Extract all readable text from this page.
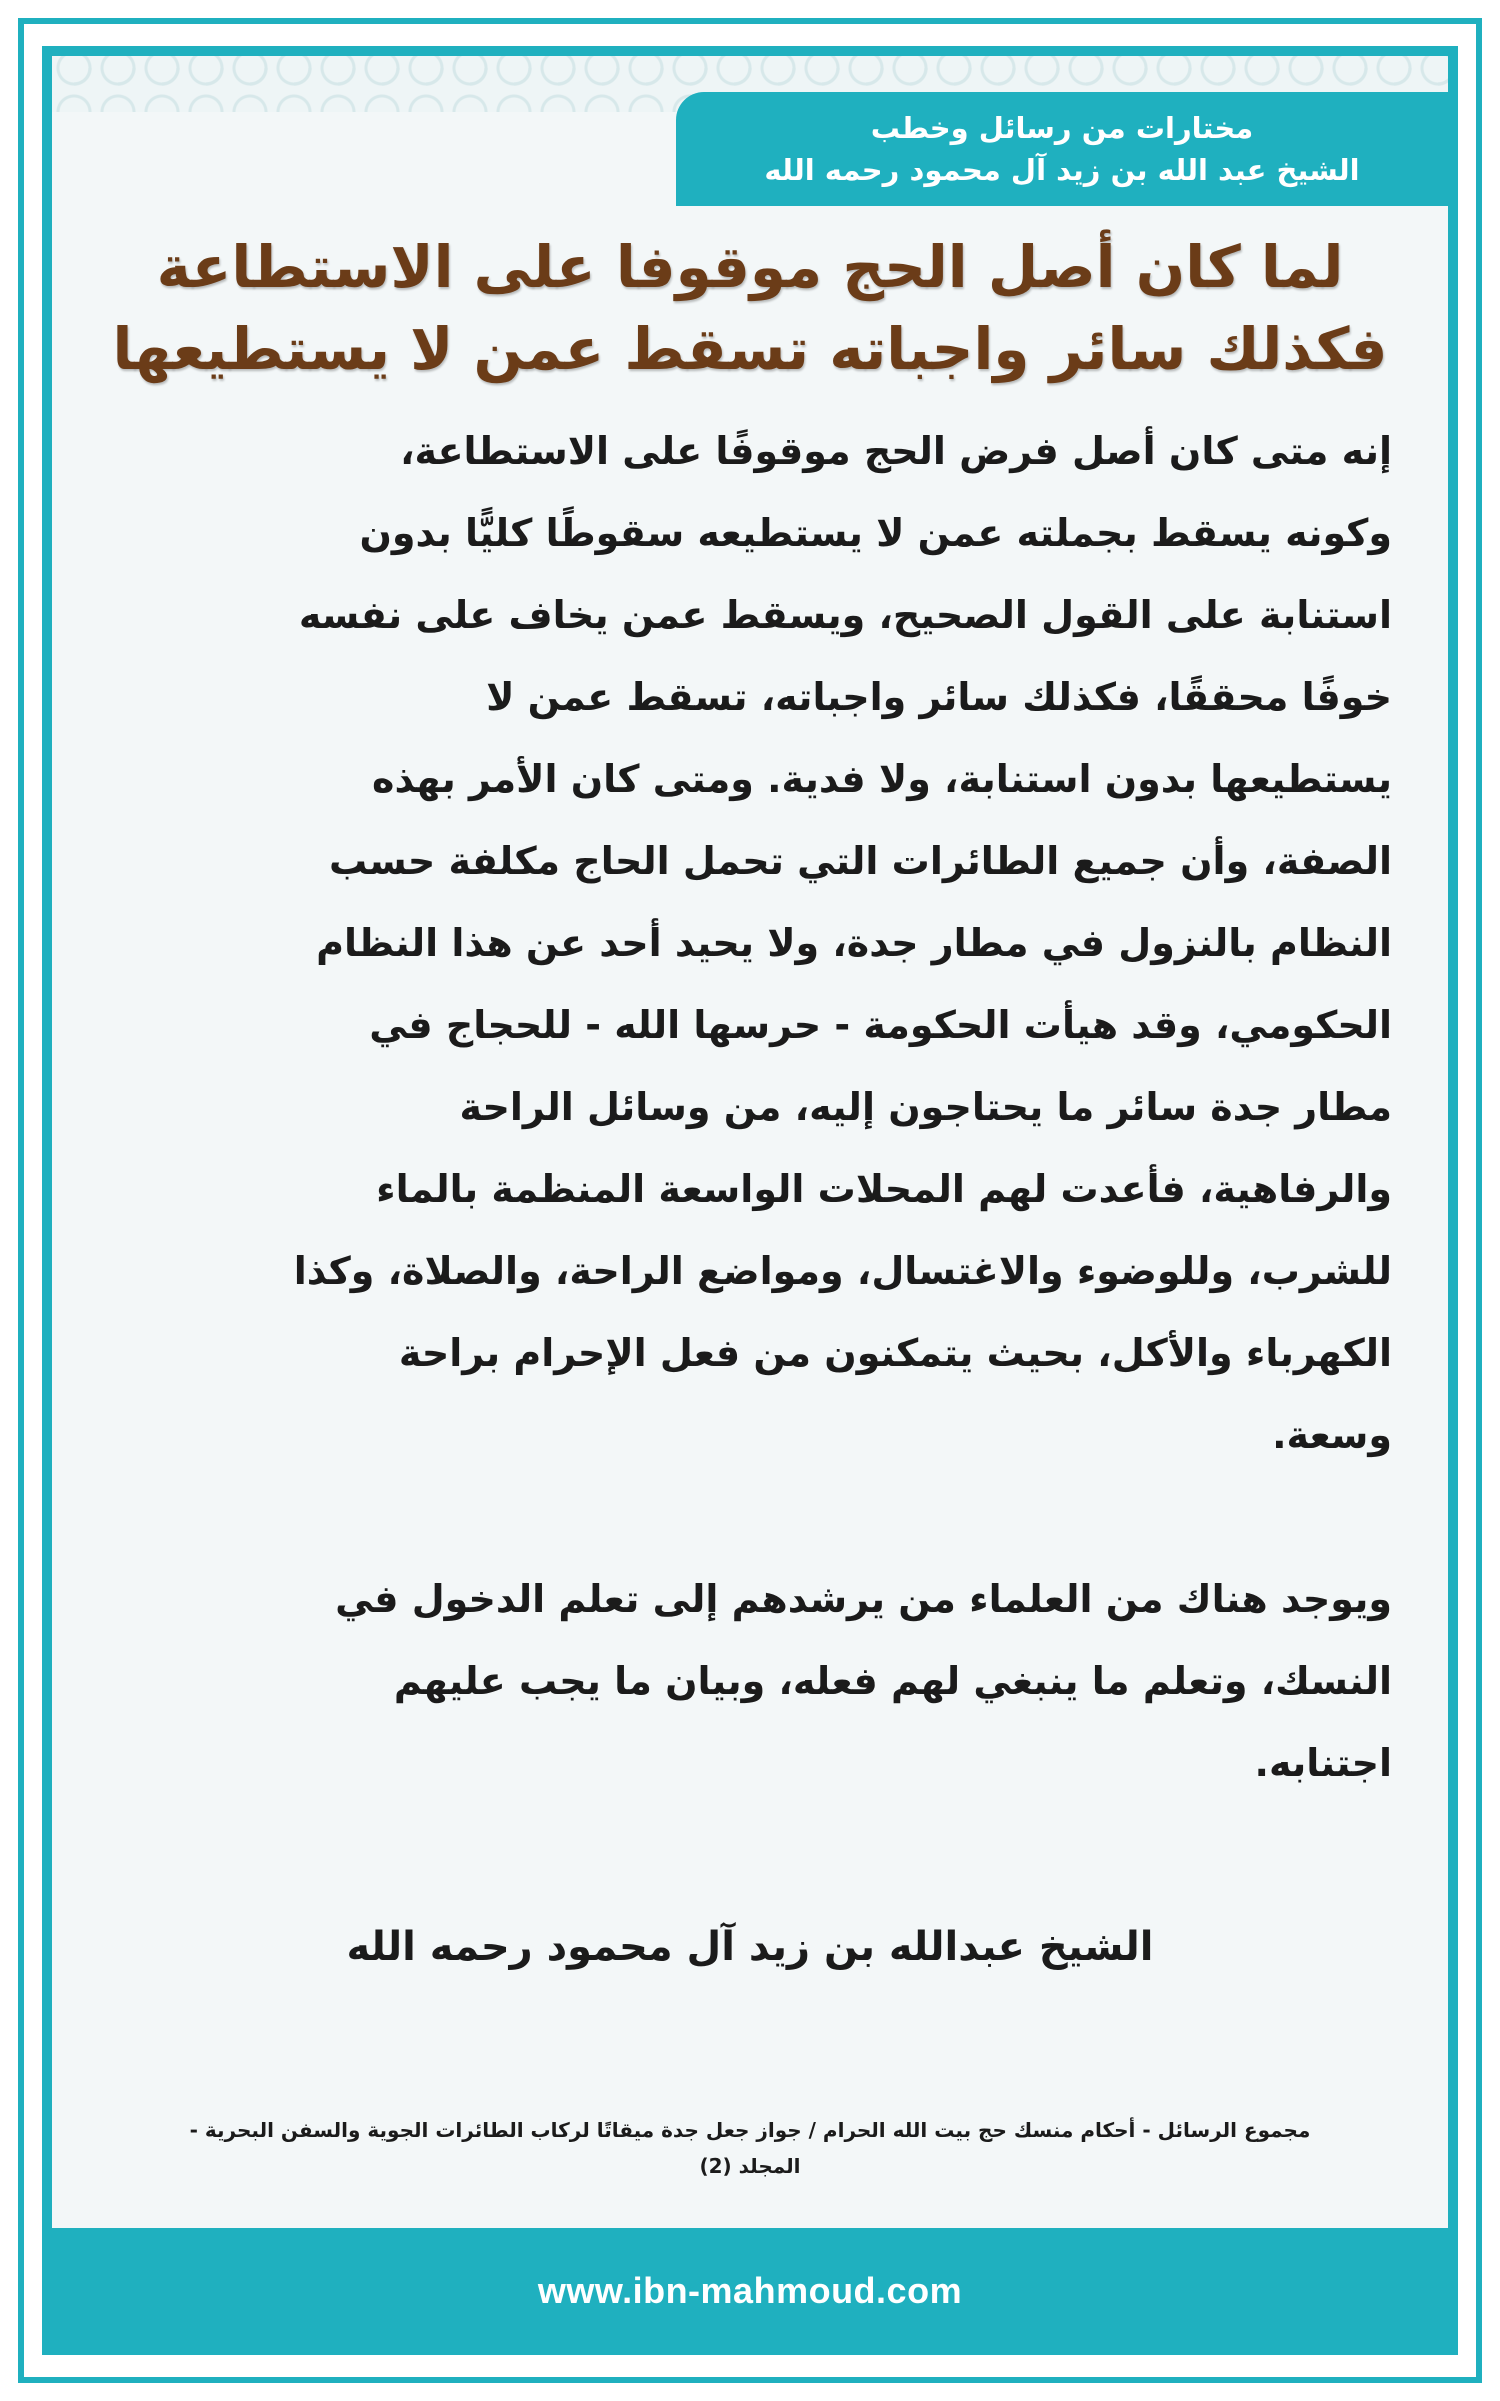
مختارات من رسائل وخطب
الشيخ عبد الله بن زيد آل محمود رحمه الله
لما كان أصل الحج موقوفا على الاستطاعة
فكذلك سائر واجباته تسقط عمن لا يستطيعها
إنه متى كان أصل فرض الحج موقوفًا على الاستطاعة،
وكونه يسقط بجملته عمن لا يستطيعه سقوطًا كليًّا بدون
استنابة على القول الصحيح، ويسقط عمن يخاف على نفسه
خوفًا محققًا، فكذلك سائر واجباته، تسقط عمن لا
يستطيعها بدون استنابة، ولا فدية. ومتى كان الأمر بهذه
الصفة، وأن جميع الطائرات التي تحمل الحاج مكلفة حسب
النظام بالنزول في مطار جدة، ولا يحيد أحد عن هذا النظام
الحكومي، وقد هيأت الحكومة - حرسها الله - للحجاج في
مطار جدة سائر ما يحتاجون إليه، من وسائل الراحة
والرفاهية، فأعدت لهم المحلات الواسعة المنظمة بالماء
للشرب، وللوضوء والاغتسال، ومواضع الراحة، والصلاة، وكذا
الكهرباء والأكل، بحيث يتمكنون من فعل الإحرام براحة
وسعة.
ويوجد هناك من العلماء من يرشدهم إلى تعلم الدخول في
النسك، وتعلم ما ينبغي لهم فعله، وبيان ما يجب عليهم
اجتنابه.
الشيخ عبدالله بن زيد آل محمود رحمه الله
مجموع الرسائل - أحكام منسك حج بيت الله الحرام / جواز جعل جدة ميقاتًا لركاب الطائرات الجوية والسفن البحرية -
المجلد (2)
www.ibn-mahmoud.com
